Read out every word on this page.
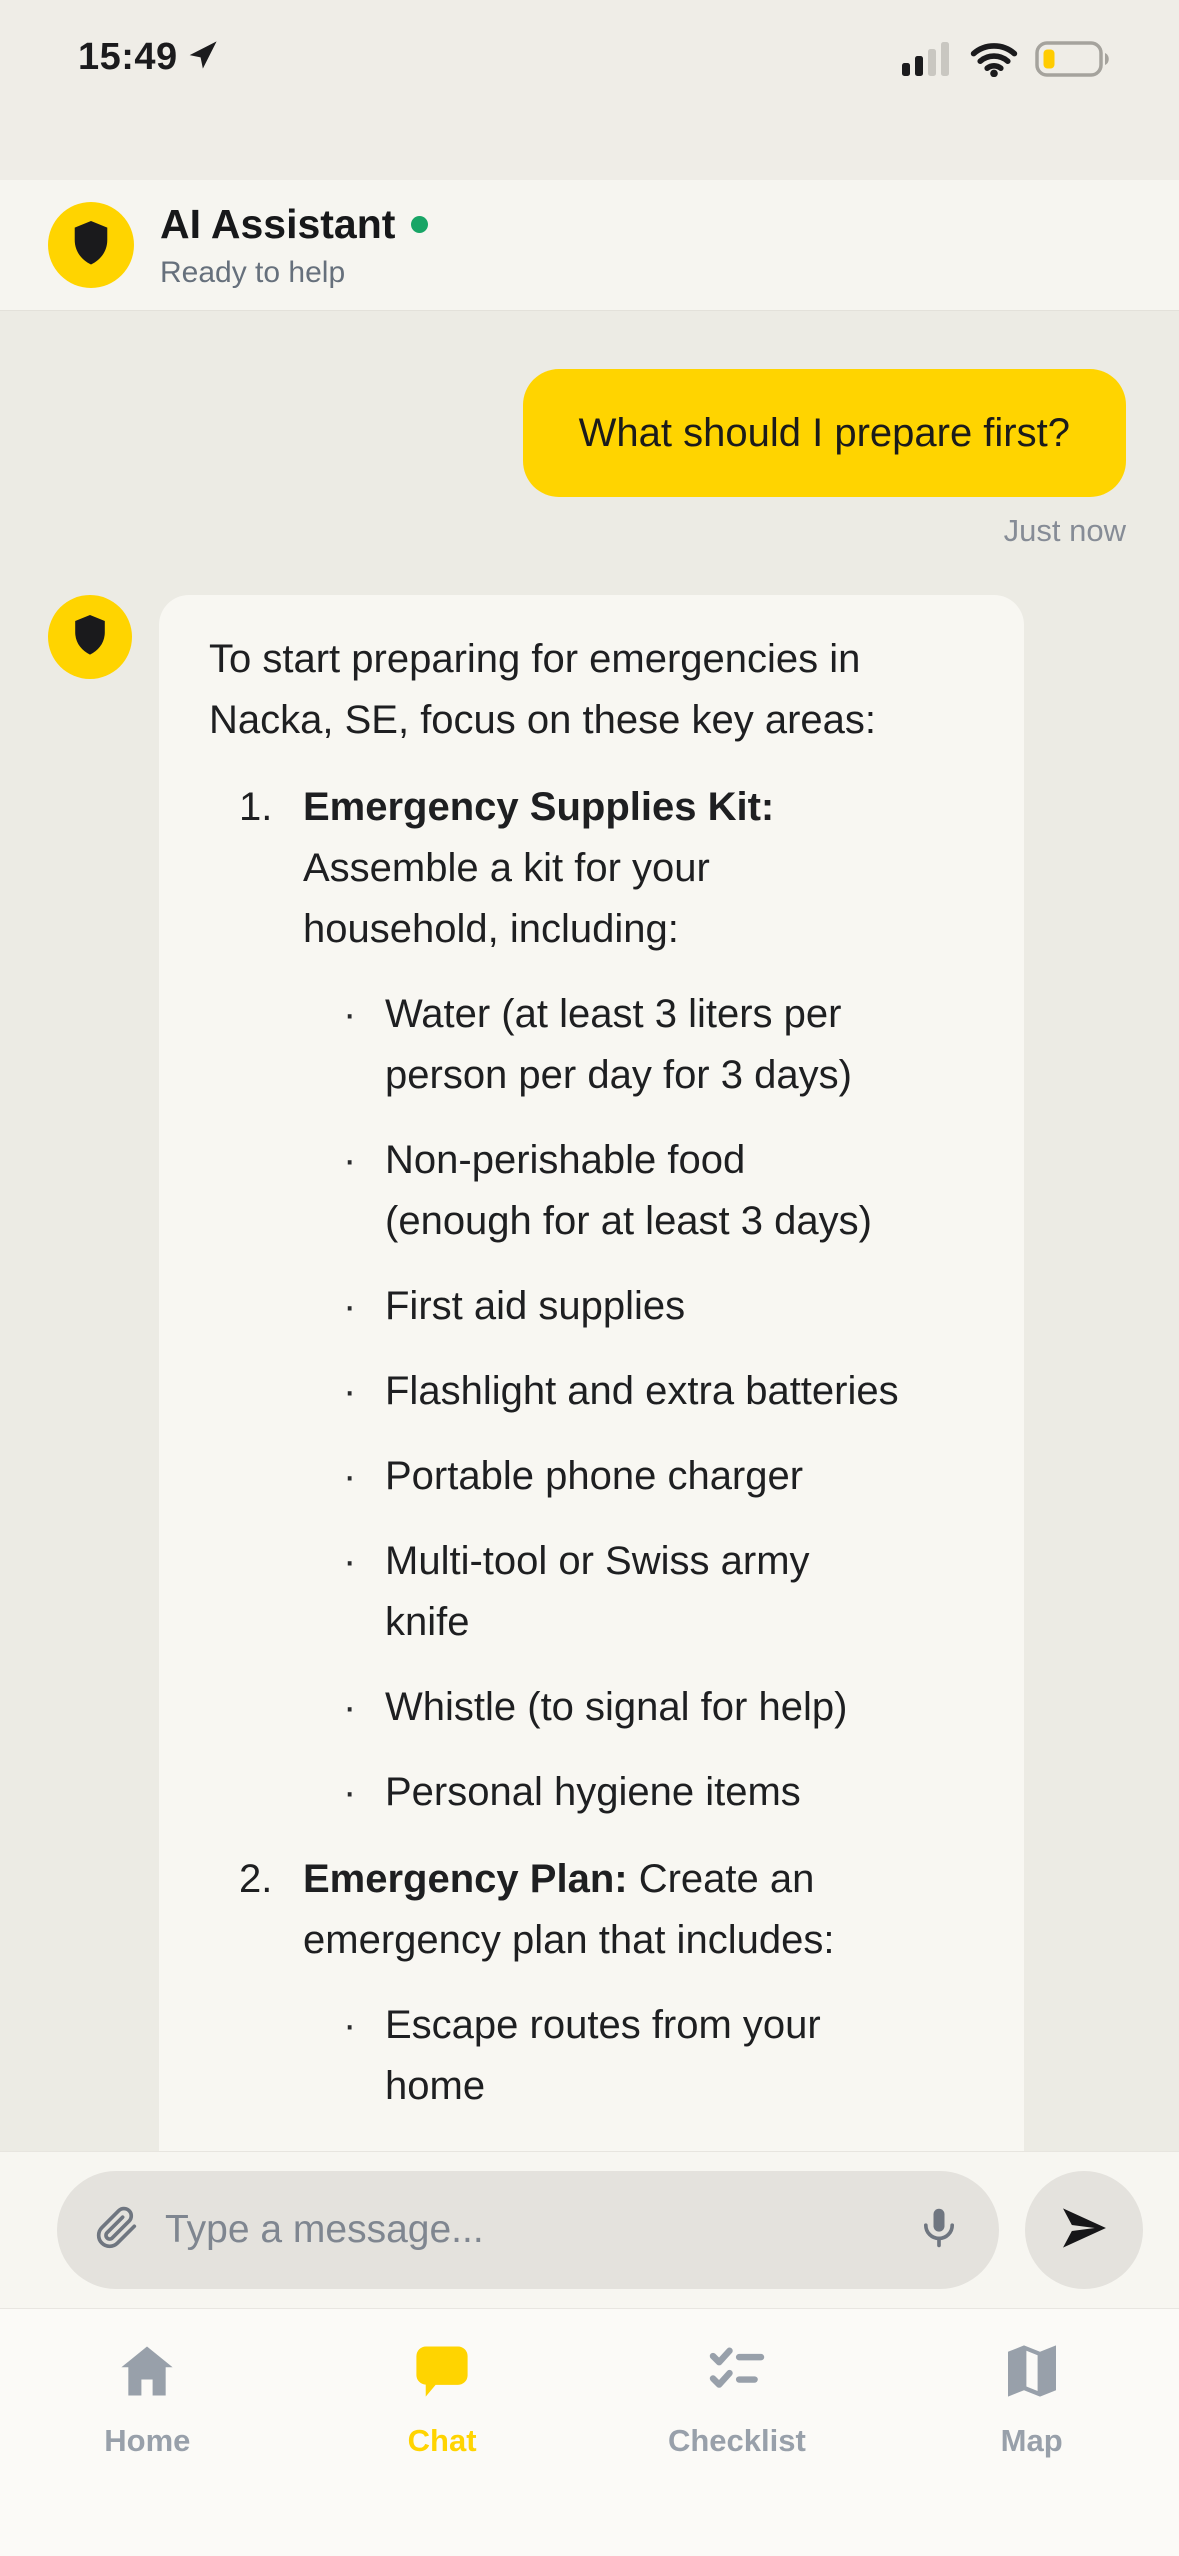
15:49
AI Assistant
Ready to help
What should I prepare first?
Just now
To start preparing for emergencies in
Nacka, SE, focus on these key areas:
1. Emergency Supplies Kit:
Assemble a kit for your
household, including:
· Water (at least 3 liters per
person per day for 3 days)
· Non-perishable food
(enough for at least 3 days)
· First aid supplies
· Flashlight and extra batteries
· Portable phone charger
· Multi-tool or Swiss army
knife
· Whistle (to signal for help)
· Personal hygiene items
2. Emergency Plan: Create an
emergency plan that includes:
· Escape routes from your
home
Type a message...
Home	Chat	Checklist	Map
